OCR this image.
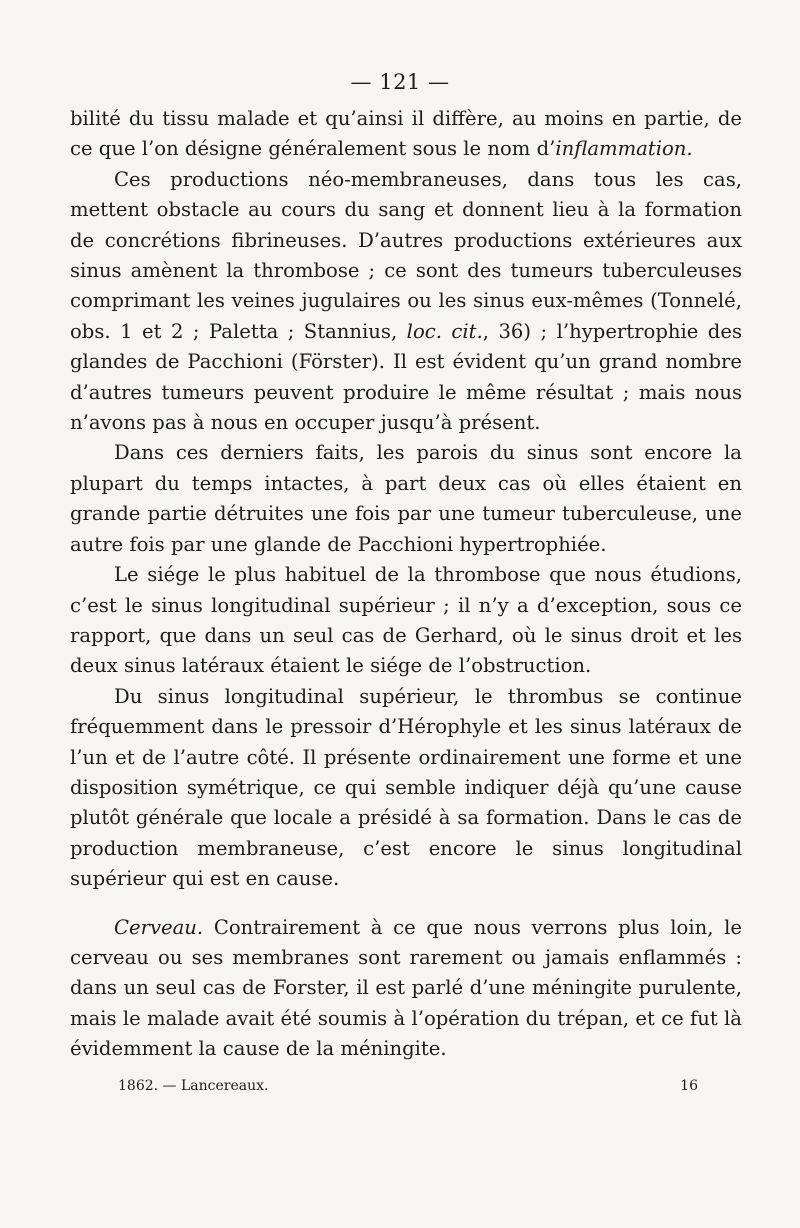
— 121 —

bilité du tissu malade et qu’ainsi il diffère, au moins en partie, de ce que l’on désigne généralement sous le nom d’inflammation.

Ces productions néo-membraneuses, dans tous les cas, mettent obstacle au cours du sang et donnent lieu à la formation de concrétions fibrineuses. D’autres productions extérieures aux sinus amènent la thrombose ; ce sont des tumeurs tuberculeuses comprimant les veines jugulaires ou les sinus eux-mêmes (Tonnelé, obs. 1 et 2 ; Paletta ; Stannius, loc. cit., 36) ; l’hypertrophie des glandes de Pacchioni (Förster). Il est évident qu’un grand nombre d’autres tumeurs peuvent produire le même résultat ; mais nous n’avons pas à nous en occuper jusqu’à présent.

Dans ces derniers faits, les parois du sinus sont encore la plupart du temps intactes, à part deux cas où elles étaient en grande partie détruites une fois par une tumeur tuberculeuse, une autre fois par une glande de Pacchioni hypertrophiée.

Le siége le plus habituel de la thrombose que nous étudions, c’est le sinus longitudinal supérieur ; il n’y a d’exception, sous ce rapport, que dans un seul cas de Gerhard, où le sinus droit et les deux sinus latéraux étaient le siége de l’obstruction.

Du sinus longitudinal supérieur, le thrombus se continue fréquemment dans le pressoir d’Hérophyle et les sinus latéraux de l’un et de l’autre côté. Il présente ordinairement une forme et une disposition symétrique, ce qui semble indiquer déjà qu’une cause plutôt générale que locale a présidé à sa formation. Dans le cas de production membraneuse, c’est encore le sinus longitudinal supérieur qui est en cause.

Cerveau. Contrairement à ce que nous verrons plus loin, le cerveau ou ses membranes sont rarement ou jamais enflammés : dans un seul cas de Forster, il est parlé d’une méningite purulente, mais le malade avait été soumis à l’opération du trépan, et ce fut là évidemment la cause de la méningite.

1862. — Lancereaux.	16
